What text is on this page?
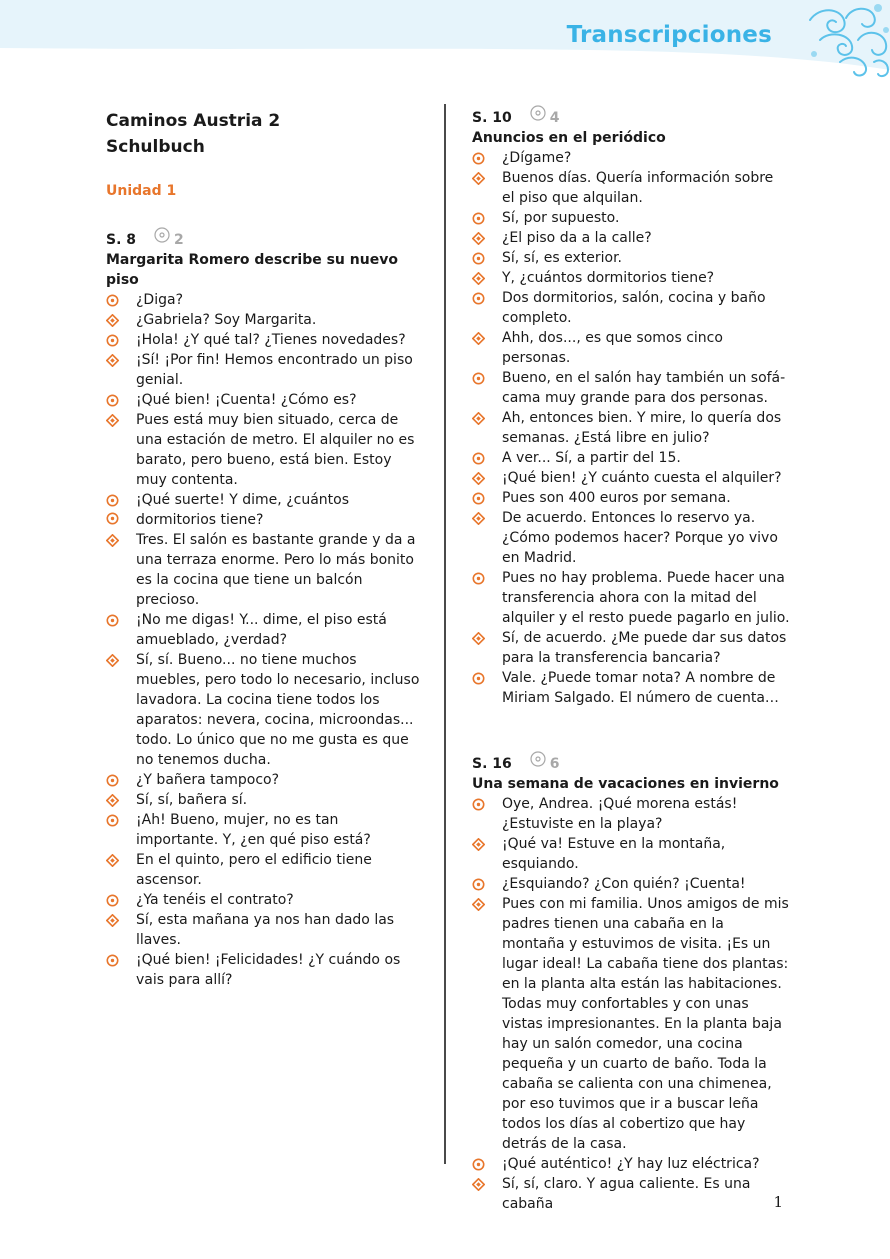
Transcripciones
Caminos Austria 2
Schulbuch
Unidad 1
S. 8	2
Margarita Romero describe su nuevo piso
¿Diga?
¿Gabriela? Soy Margarita.
¡Hola! ¿Y qué tal? ¿Tienes novedades?
¡Sí! ¡Por fin! Hemos encontrado un piso genial.
¡Qué bien! ¡Cuenta! ¿Cómo es?
Pues está muy bien situado, cerca de una estación de metro. El alquiler no es barato, pero bueno, está bien. Estoy muy contenta.
¡Qué suerte! Y dime, ¿cuántos dormitorios tiene?
Tres. El salón es bastante grande y da a una terraza enorme. Pero lo más bonito es la cocina que tiene un balcón precioso.
¡No me digas! Y... dime, el piso está amueblado, ¿verdad?
Sí, sí. Bueno... no tiene muchos muebles, pero todo lo necesario, incluso lavadora. La cocina tiene todos los aparatos: nevera, cocina, microondas... todo. Lo único que no me gusta es que no tenemos ducha.
¿Y bañera tampoco?
Sí, sí, bañera sí.
¡Ah! Bueno, mujer, no es tan importante. Y, ¿en qué piso está?
En el quinto, pero el edificio tiene ascensor.
¿Ya tenéis el contrato?
Sí, esta mañana ya nos han dado las llaves.
¡Qué bien! ¡Felicidades! ¿Y cuándo os vais para allí?
S. 10	4
Anuncios en el periódico
¿Dígame?
Buenos días. Quería información sobre el piso que alquilan.
Sí, por supuesto.
¿El piso da a la calle?
Sí, sí, es exterior.
Y, ¿cuántos dormitorios tiene?
Dos dormitorios, salón, cocina y baño completo.
Ahh, dos..., es que somos cinco personas.
Bueno, en el salón hay también un sofá-cama muy grande para dos personas.
Ah, entonces bien. Y mire, lo quería dos semanas. ¿Está libre en julio?
A ver... Sí, a partir del 15.
¡Qué bien! ¿Y cuánto cuesta el alquiler?
Pues son 400 euros por semana.
De acuerdo. Entonces lo reservo ya. ¿Cómo podemos hacer? Porque yo vivo en Madrid.
Pues no hay problema. Puede hacer una transferencia ahora con la mitad del alquiler y el resto puede pagarlo en julio.
Sí, de acuerdo. ¿Me puede dar sus datos para la transferencia bancaria?
Vale. ¿Puede tomar nota? A nombre de Miriam Salgado. El número de cuenta…
S. 16	6
Una semana de vacaciones en invierno
Oye, Andrea. ¡Qué morena estás! ¿Estuviste en la playa?
¡Qué va! Estuve en la montaña, esquiando.
¿Esquiando? ¿Con quién? ¡Cuenta!
Pues con mi familia. Unos amigos de mis padres tienen una cabaña en la montaña y estuvimos de visita. ¡Es un lugar ideal! La cabaña tiene dos plantas: en la planta alta están las habitaciones. Todas muy confortables y con unas vistas impresionantes. En la planta baja hay un salón comedor, una cocina pequeña y un cuarto de baño. Toda la cabaña se calienta con una chimenea, por eso tuvimos que ir a buscar leña todos los días al cobertizo que hay detrás de la casa.
¡Qué auténtico! ¿Y hay luz eléctrica?
Sí, sí, claro. Y agua caliente. Es una cabaña	1
